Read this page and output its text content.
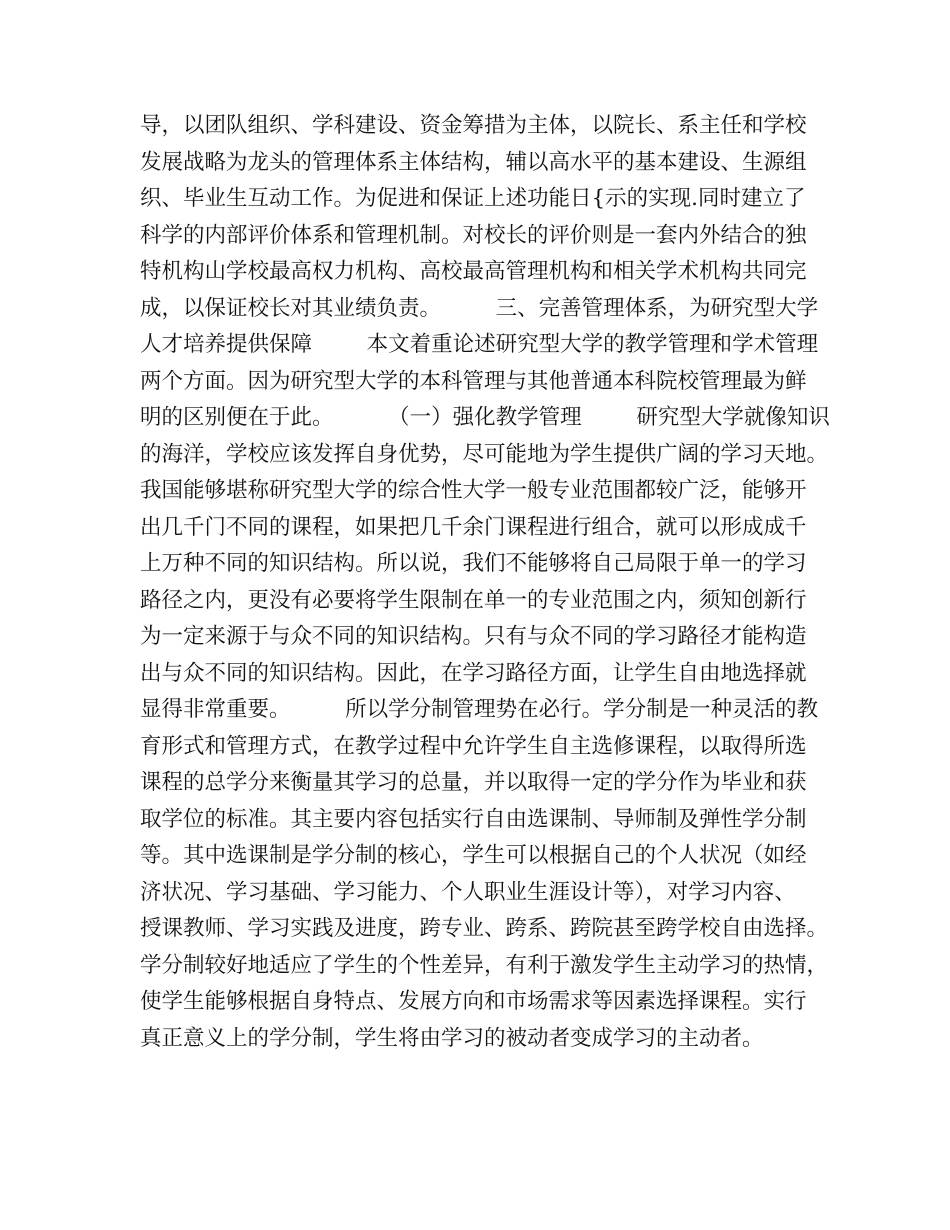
导，以团队组织、学科建设、资金筹措为主体，以院长、系主任和学校
发展战略为龙头的管理体系主体结构，辅以高水平的基本建设、生源组
织、毕业生互动工作。为促进和保证上述功能日{示的实现.同时建立了
科学的内部评价体系和管理机制。对校长的评价则是一套内外结合的独
特机构山学校最高权力机构、高校最高管理机构和相关学术机构共同完
成，以保证校长对其业绩负责。        三、完善管理体系，为研究型大学
人才培养提供保障        本文着重论述研究型大学的教学管理和学术管理
两个方面。因为研究型大学的本科管理与其他普通本科院校管理最为鲜
明的区别便在于此。        （一）强化教学管理        研究型大学就像知识
的海洋，学校应该发挥自身优势，尽可能地为学生提供广阔的学习天地。
我国能够堪称研究型大学的综合性大学一般专业范围都较广泛，能够开
出几千门不同的课程，如果把几千余门课程进行组合，就可以形成成千
上万种不同的知识结构。所以说，我们不能够将自己局限于单一的学习
路径之内，更没有必要将学生限制在单一的专业范围之内，须知创新行
为一定来源于与众不同的知识结构。只有与众不同的学习路径才能构造
出与众不同的知识结构。因此，在学习路径方面，让学生自由地选择就
显得非常重要。        所以学分制管理势在必行。学分制是一种灵活的教
育形式和管理方式，在教学过程中允许学生自主选修课程，以取得所选
课程的总学分来衡量其学习的总量，并以取得一定的学分作为毕业和获
取学位的标准。其主要内容包括实行自由选课制、导师制及弹性学分制
等。其中选课制是学分制的核心，学生可以根据自己的个人状况（如经
济状况、学习基础、学习能力、个人职业生涯设计等），对学习内容、
授课教师、学习实践及进度，跨专业、跨系、跨院甚至跨学校自由选择。
学分制较好地适应了学生的个性差异，有利于激发学生主动学习的热情，
使学生能够根据自身特点、发展方向和市场需求等因素选择课程。实行
真正意义上的学分制，学生将由学习的被动者变成学习的主动者。
